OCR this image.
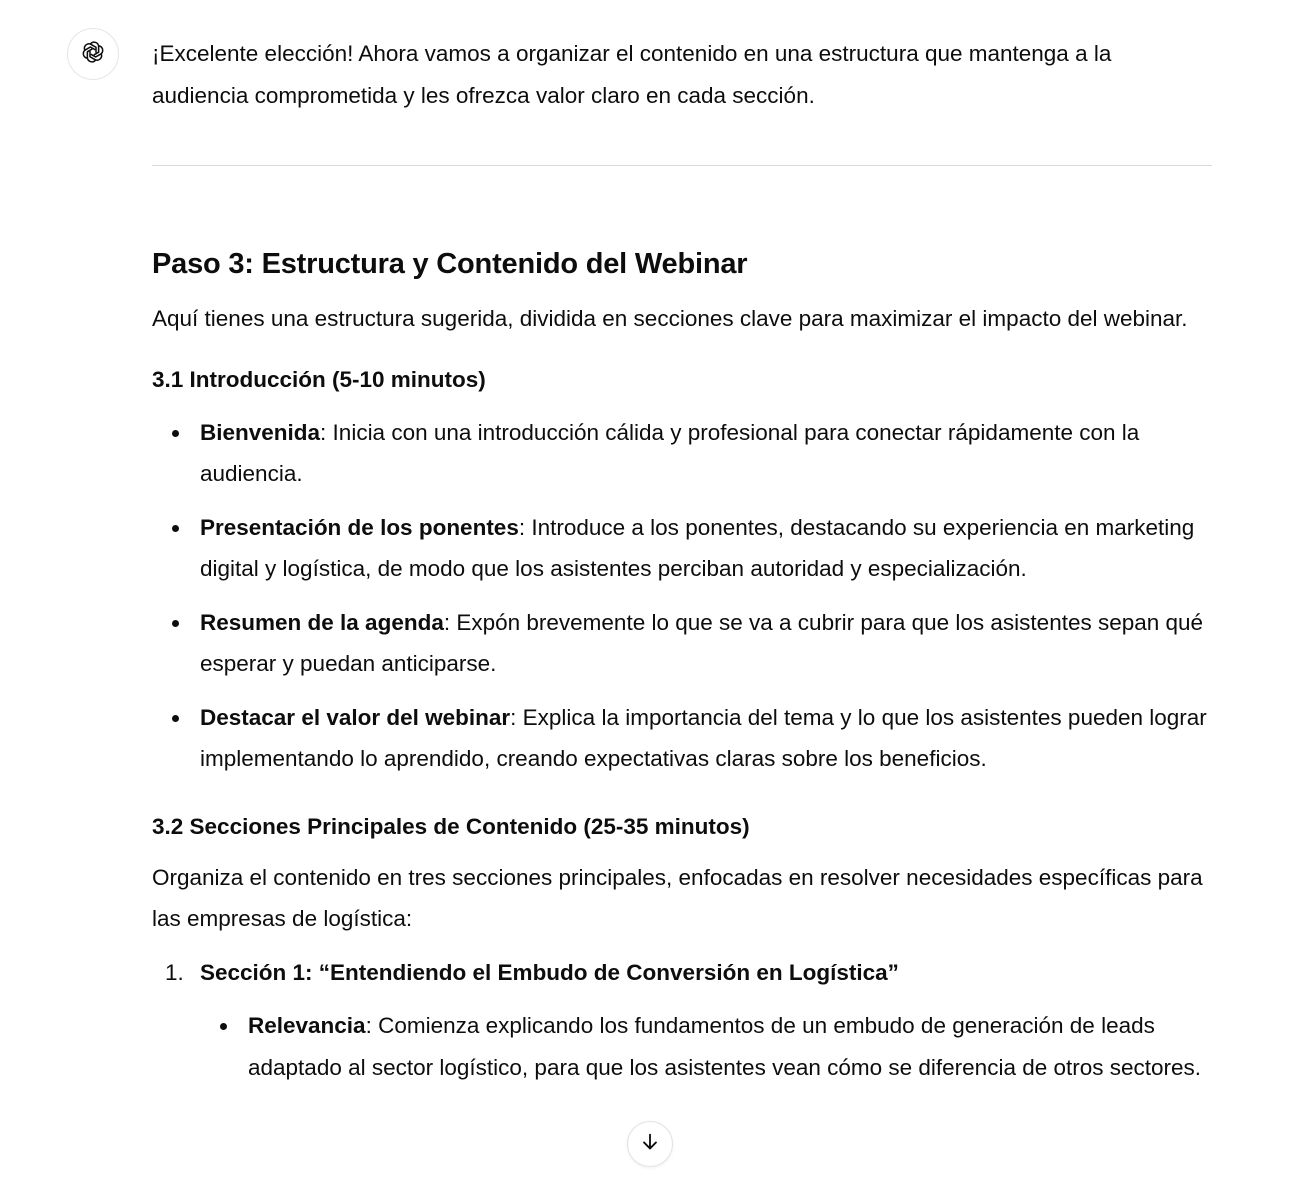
¡Excelente elección! Ahora vamos a organizar el contenido en una estructura que mantenga a la audiencia comprometida y les ofrezca valor claro en cada sección.

Paso 3: Estructura y Contenido del Webinar

Aquí tienes una estructura sugerida, dividida en secciones clave para maximizar el impacto del webinar.

3.1 Introducción (5-10 minutos)
Bienvenida: Inicia con una introducción cálida y profesional para conectar rápidamente con la audiencia.
Presentación de los ponentes: Introduce a los ponentes, destacando su experiencia en marketing digital y logística, de modo que los asistentes perciban autoridad y especialización.
Resumen de la agenda: Expón brevemente lo que se va a cubrir para que los asistentes sepan qué esperar y puedan anticiparse.
Destacar el valor del webinar: Explica la importancia del tema y lo que los asistentes pueden lograr implementando lo aprendido, creando expectativas claras sobre los beneficios.
3.2 Secciones Principales de Contenido (25-35 minutos)

Organiza el contenido en tres secciones principales, enfocadas en resolver necesidades específicas para las empresas de logística:

1. Sección 1: “Entendiendo el Embudo de Conversión en Logística”
Relevancia: Comienza explicando los fundamentos de un embudo de generación de leads adaptado al sector logístico, para que los asistentes vean cómo se diferencia de otros sectores.
